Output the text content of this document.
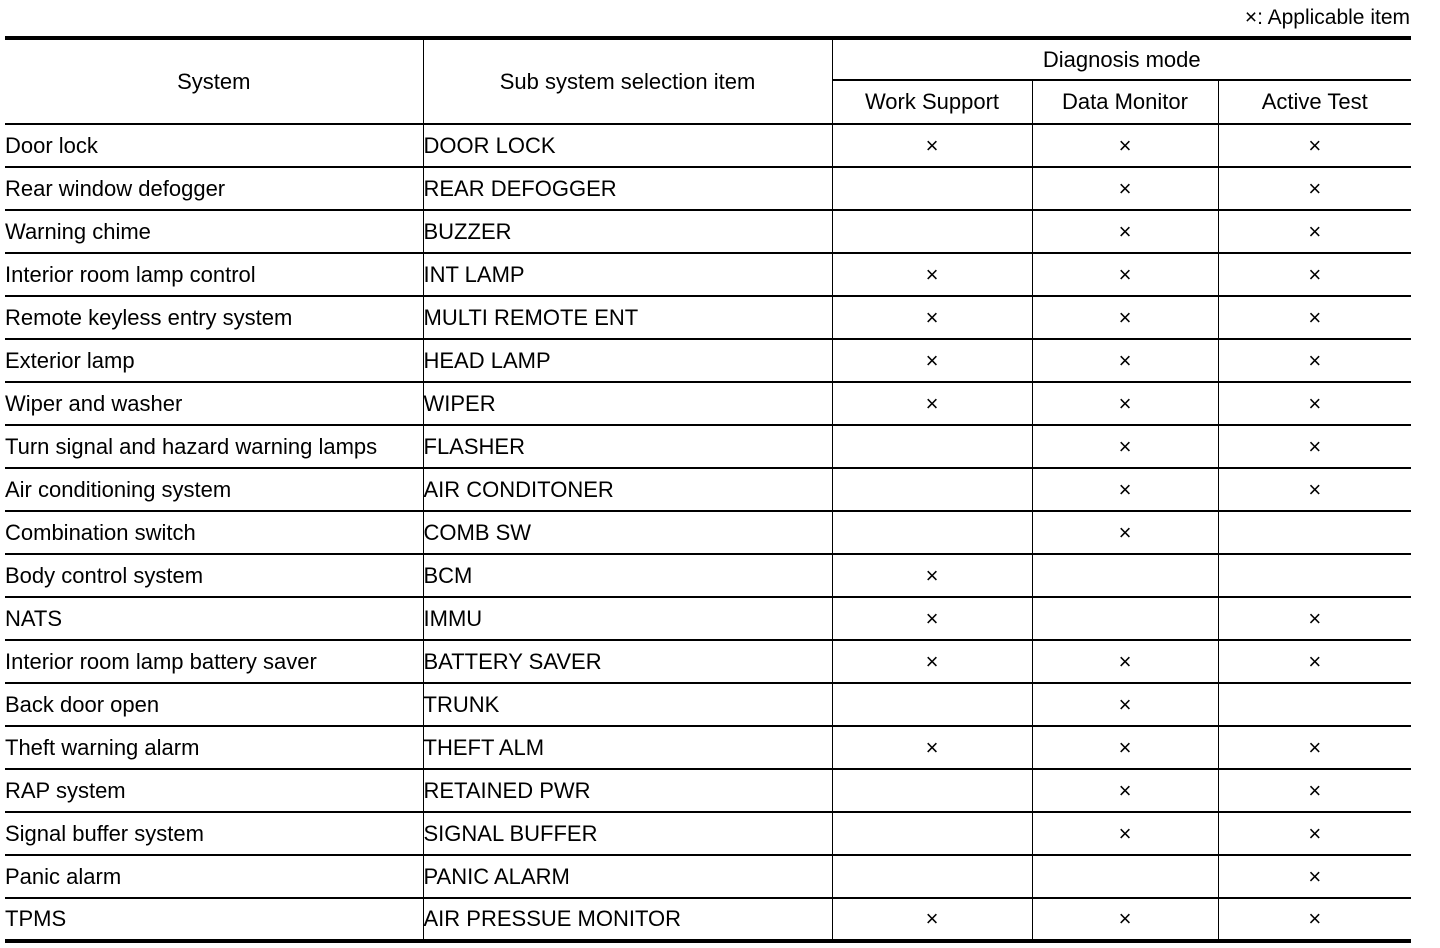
×: Applicable item
System	Sub system selection item	Diagnosis mode		
		Work Support	Data Monitor	Active Test
Door lock	DOOR LOCK	×	×	×
Rear window defogger	REAR DEFOGGER		×	×
Warning chime	BUZZER		×	×
Interior room lamp control	INT LAMP	×	×	×
Remote keyless entry system	MULTI REMOTE ENT	×	×	×
Exterior lamp	HEAD LAMP	×	×	×
Wiper and washer	WIPER	×	×	×
Turn signal and hazard warning lamps	FLASHER		×	×
Air conditioning system	AIR CONDITONER		×	×
Combination switch	COMB SW		×	
Body control system	BCM	×		
NATS	IMMU	×		×
Interior room lamp battery saver	BATTERY SAVER	×	×	×
Back door open	TRUNK		×	
Theft warning alarm	THEFT ALM	×	×	×
RAP system	RETAINED PWR		×	×
Signal buffer system	SIGNAL BUFFER		×	×
Panic alarm	PANIC ALARM			×
TPMS	AIR PRESSUE MONITOR	×	×	×
